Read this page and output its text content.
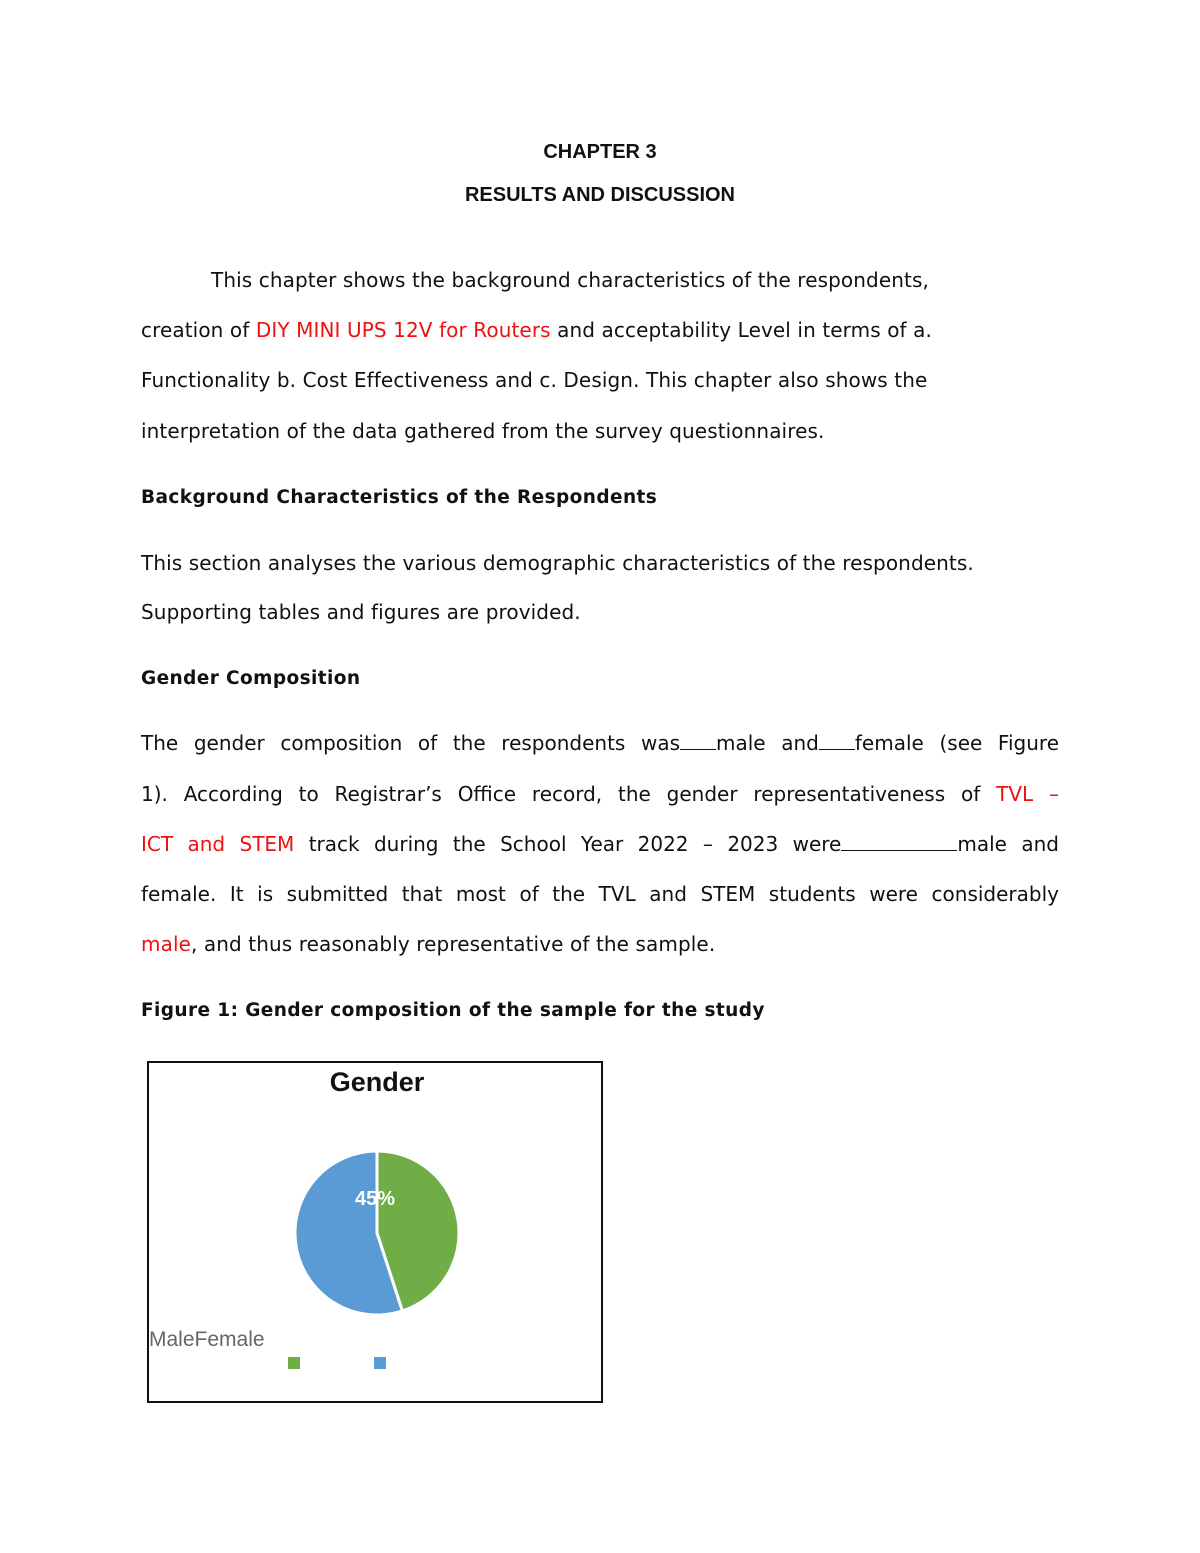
CHAPTER 3
RESULTS AND DISCUSSION
This chapter shows the background characteristics of the respondents,
creation of DIY MINI UPS 12V for Routers and acceptability Level in terms of a.
Functionality b. Cost Effectiveness and c. Design. This chapter also shows the
interpretation of the data gathered from the survey questionnaires.
Background Characteristics of the Respondents
This section analyses the various demographic characteristics of the respondents.
Supporting tables and figures are provided.
Gender Composition
The gender composition of the respondents was male and female (see Figure
1). According to Registrar’s Office record, the gender representativeness of TVL –
ICT and STEM track during the School Year 2022 – 2023 were	male and
female. It is submitted that most of the TVL and STEM students were considerably
male, and thus reasonably representative of the sample.
Figure 1: Gender composition of the sample for the study
Gender
45%
MaleFemale
